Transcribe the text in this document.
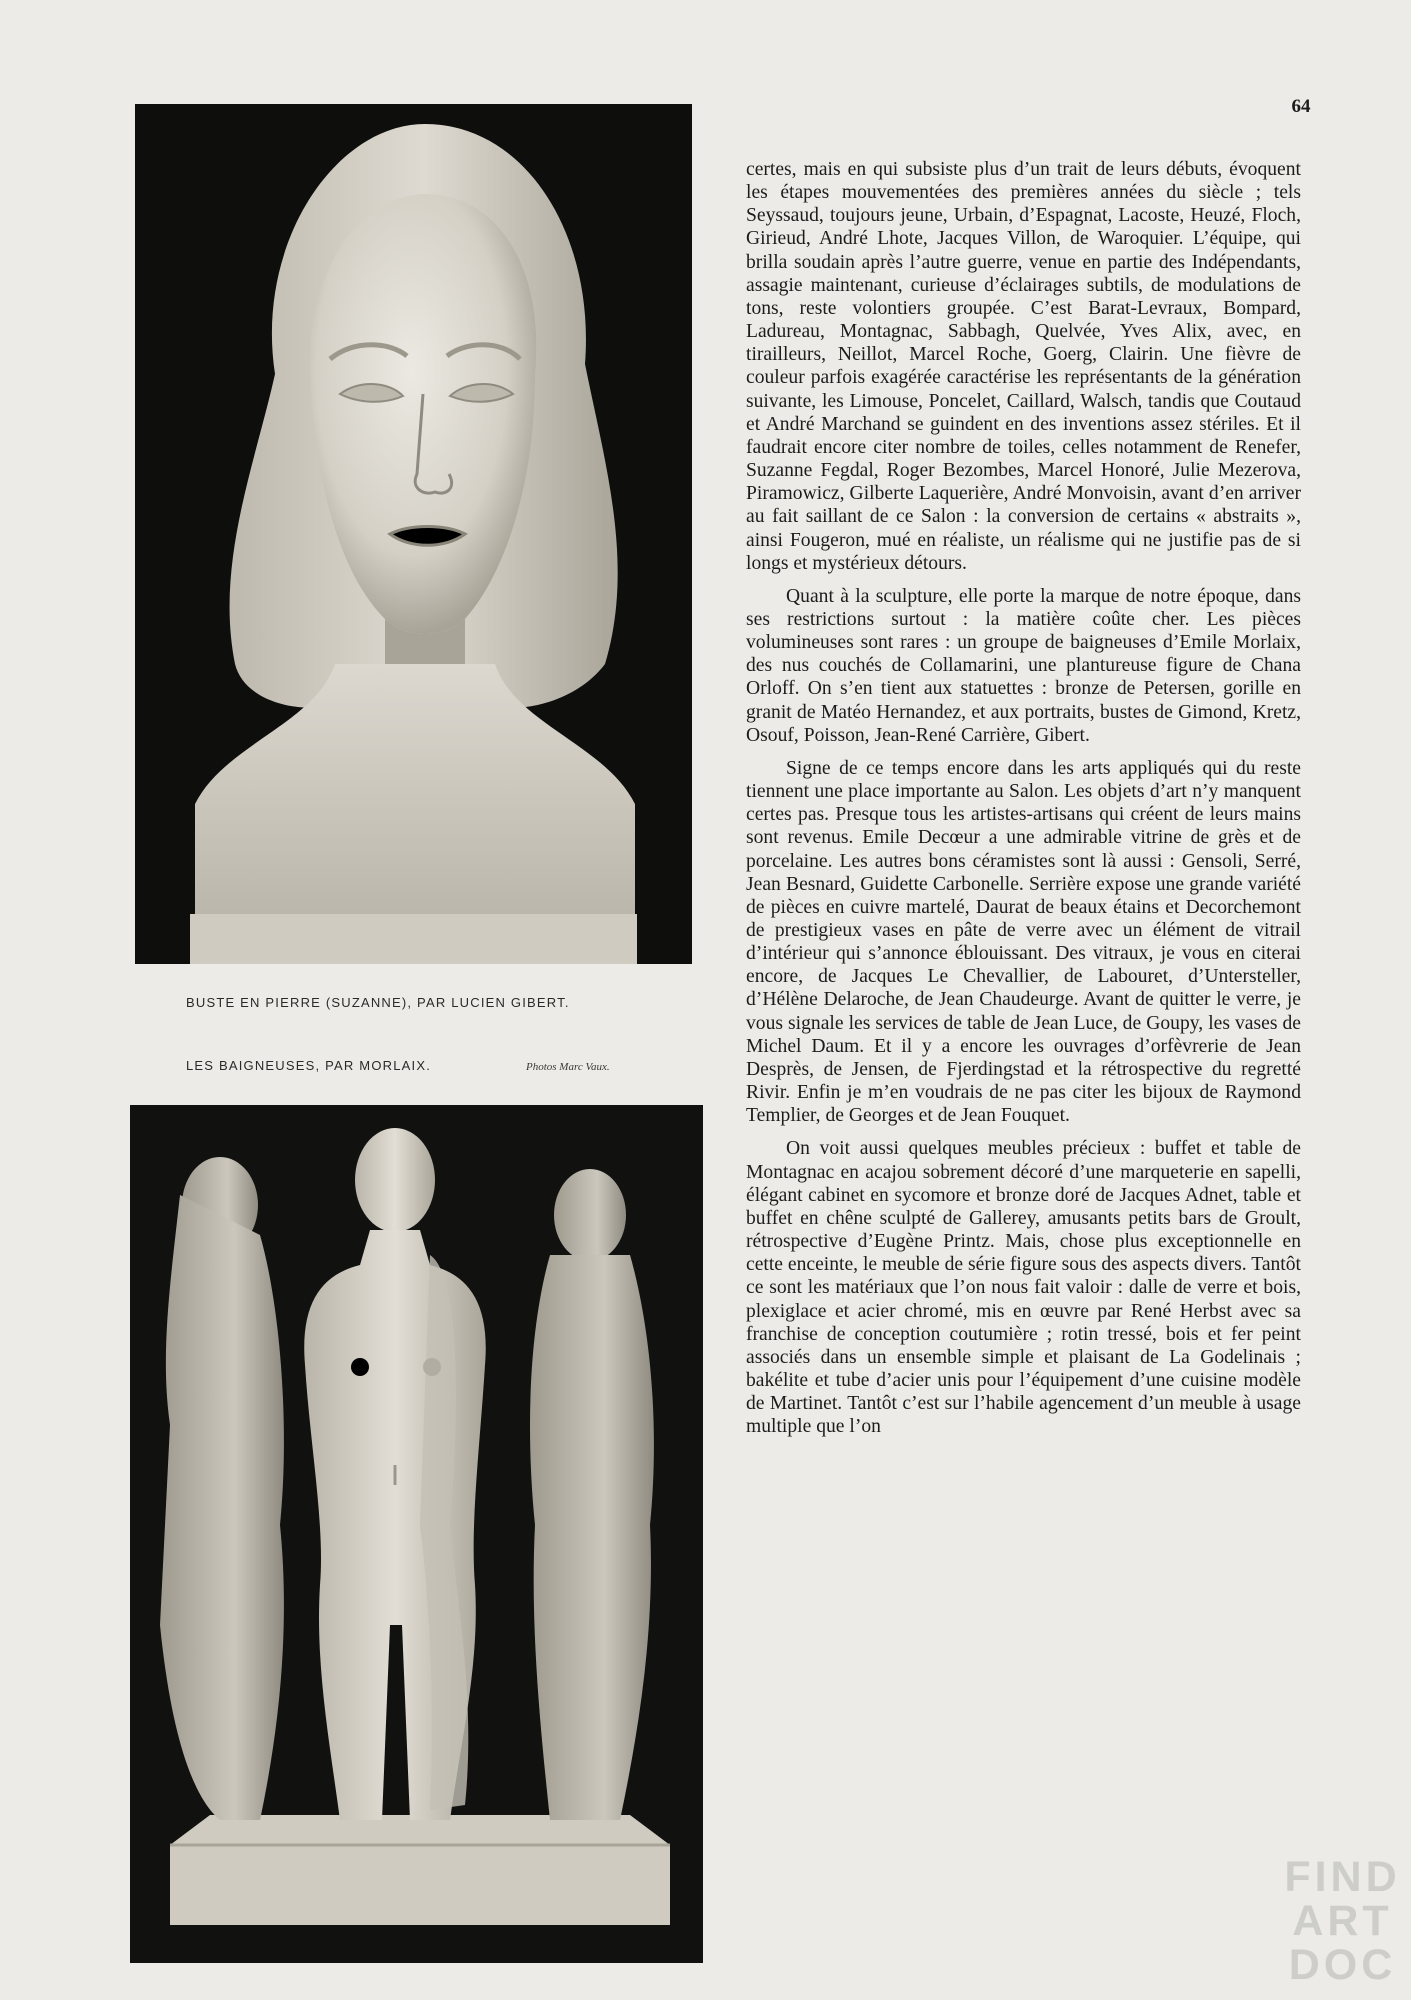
64
BUSTE EN PIERRE (SUZANNE), PAR LUCIEN GIBERT.
LES BAIGNEUSES, PAR MORLAIX.	Photos Marc Vaux.

certes, mais en qui subsiste plus d’un trait de leurs débuts, évoquent les étapes mouvementées des premières années du siècle ; tels Seyssaud, toujours jeune, Urbain, d’Espagnat, Lacoste, Heuzé, Floch, Girieud, André Lhote, Jacques Villon, de Waroquier. L’équipe, qui brilla soudain après l’autre guerre, venue en partie des Indépendants, assagie maintenant, curieuse d’éclairages subtils, de modulations de tons, reste volontiers groupée. C’est Barat-Levraux, Bompard, Ladureau, Montagnac, Sabbagh, Quelvée, Yves Alix, avec, en tirailleurs, Neillot, Marcel Roche, Goerg, Clairin. Une fièvre de couleur parfois exagérée caractérise les représentants de la génération suivante, les Limouse, Poncelet, Caillard, Walsch, tandis que Coutaud et André Marchand se guindent en des inventions assez stériles. Et il faudrait encore citer nombre de toiles, celles notamment de Renefer, Suzanne Fegdal, Roger Bezombes, Marcel Honoré, Julie Mezerova, Piramowicz, Gilberte Laquerière, André Monvoisin, avant d’en arriver au fait saillant de ce Salon : la conversion de certains « abstraits », ainsi Fougeron, mué en réaliste, un réalisme qui ne justifie pas de si longs et mystérieux détours.

Quant à la sculpture, elle porte la marque de notre époque, dans ses restrictions surtout : la matière coûte cher. Les pièces volumineuses sont rares : un groupe de baigneuses d’Emile Morlaix, des nus couchés de Collamarini, une plantureuse figure de Chana Orloff. On s’en tient aux statuettes : bronze de Petersen, gorille en granit de Matéo Hernandez, et aux portraits, bustes de Gimond, Kretz, Osouf, Poisson, Jean-René Carrière, Gibert.

Signe de ce temps encore dans les arts appliqués qui du reste tiennent une place importante au Salon. Les objets d’art n’y manquent certes pas. Presque tous les artistes-artisans qui créent de leurs mains sont revenus. Emile Decœur a une admirable vitrine de grès et de porcelaine. Les autres bons céramistes sont là aussi : Gensoli, Serré, Jean Besnard, Guidette Carbonelle. Serrière expose une grande variété de pièces en cuivre martelé, Daurat de beaux étains et Decorchemont de prestigieux vases en pâte de verre avec un élément de vitrail d’intérieur qui s’annonce éblouissant. Des vitraux, je vous en citerai encore, de Jacques Le Chevallier, de Labouret, d’Untersteller, d’Hélène Delaroche, de Jean Chaudeurge. Avant de quitter le verre, je vous signale les services de table de Jean Luce, de Goupy, les vases de Michel Daum. Et il y a encore les ouvrages d’orfèvrerie de Jean Desprès, de Jensen, de Fjerdingstad et la rétrospective du regretté Rivir. Enfin je m’en voudrais de ne pas citer les bijoux de Raymond Templier, de Georges et de Jean Fouquet.

On voit aussi quelques meubles précieux : buffet et table de Montagnac en acajou sobrement décoré d’une marqueterie en sapelli, élégant cabinet en sycomore et bronze doré de Jacques Adnet, table et buffet en chêne sculpté de Gallerey, amusants petits bars de Groult, rétrospective d’Eugène Printz. Mais, chose plus exceptionnelle en cette enceinte, le meuble de série figure sous des aspects divers. Tantôt ce sont les matériaux que l’on nous fait valoir : dalle de verre et bois, plexiglace et acier chromé, mis en œuvre par René Herbst avec sa franchise de conception coutumière ; rotin tressé, bois et fer peint associés dans un ensemble simple et plaisant de La Godelinais ; bakélite et tube d’acier unis pour l’équipement d’une cuisine modèle de Martinet. Tantôt c’est sur l’habile agencement d’un meuble à usage multiple que l’on

FIND
ART
DOC
